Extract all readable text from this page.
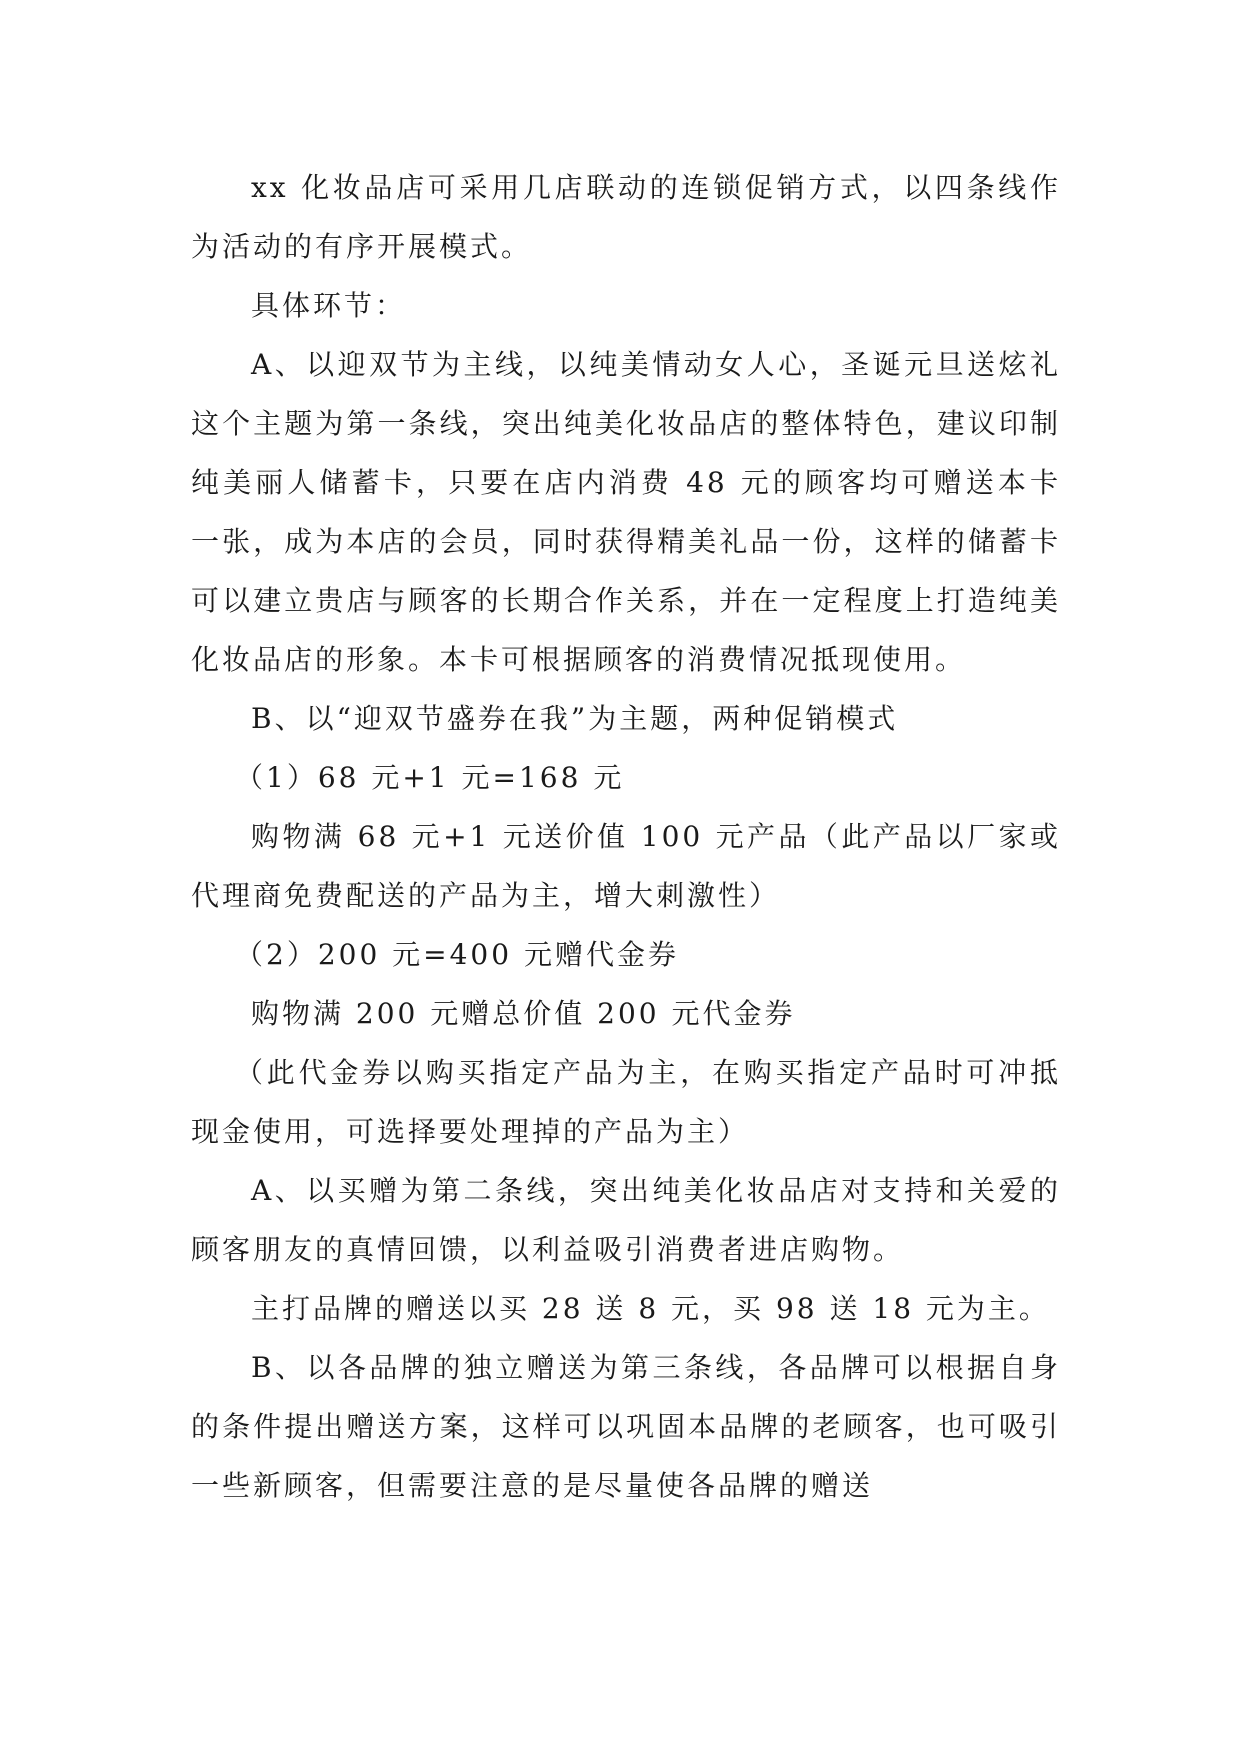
xx 化妆品店可采用几店联动的连锁促销方式，以四条线作为活动的有序开展模式。

具体环节：

A、以迎双节为主线，以纯美情动女人心，圣诞元旦送炫礼这个主题为第一条线，突出纯美化妆品店的整体特色，建议印制纯美丽人储蓄卡，只要在店内消费 48 元的顾客均可赠送本卡一张，成为本店的会员，同时获得精美礼品一份，这样的储蓄卡可以建立贵店与顾客的长期合作关系，并在一定程度上打造纯美化妆品店的形象。本卡可根据顾客的消费情况抵现使用。

B、以“迎双节盛券在我”为主题，两种促销模式

（1）68 元+1 元=168 元

购物满 68 元+1 元送价值 100 元产品（此产品以厂家或代理商免费配送的产品为主，增大刺激性）

（2）200 元=400 元赠代金券

购物满 200 元赠总价值 200 元代金券

（此代金券以购买指定产品为主，在购买指定产品时可冲抵现金使用，可选择要处理掉的产品为主）

A、以买赠为第二条线，突出纯美化妆品店对支持和关爱的顾客朋友的真情回馈，以利益吸引消费者进店购物。

主打品牌的赠送以买 28 送 8 元，买 98 送 18 元为主。

B、以各品牌的独立赠送为第三条线，各品牌可以根据自身的条件提出赠送方案，这样可以巩固本品牌的老顾客，也可吸引一些新顾客，但需要注意的是尽量使各品牌的赠送
